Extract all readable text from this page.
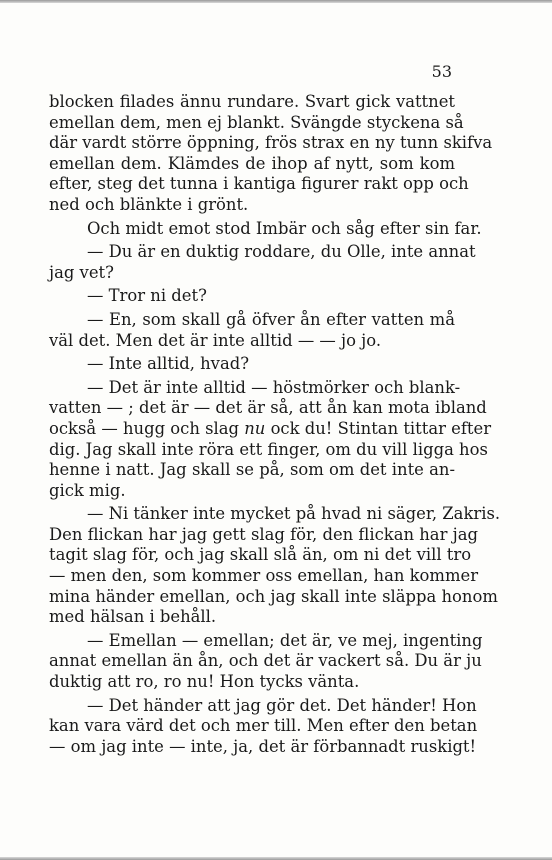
53
blocken filades ännu rundare. Svart gick vattnet
emellan dem, men ej blankt. Svängde styckena så
där vardt större öppning, frös strax en ny tunn skifva
emellan dem. Klämdes de ihop af nytt, som kom
efter, steg det tunna i kantiga figurer rakt opp och
ned och blänkte i grönt.
Och midt emot stod Imbär och såg efter sin far.
— Du är en duktig roddare, du Olle, inte annat
jag vet?
— Tror ni det?
— En, som skall gå öfver ån efter vatten må
väl det. Men det är inte alltid — — jo jo.
— Inte alltid, hvad?
— Det är inte alltid — höstmörker och blank-
vatten — ; det är — det är så, att ån kan mota ibland
också — hugg och slag nu ock du! Stintan tittar efter
dig. Jag skall inte röra ett finger, om du vill ligga hos
henne i natt. Jag skall se på, som om det inte an-
gick mig.
— Ni tänker inte mycket på hvad ni säger, Zakris.
Den flickan har jag gett slag för, den flickan har jag
tagit slag för, och jag skall slå än, om ni det vill tro
— men den, som kommer oss emellan, han kommer
mina händer emellan, och jag skall inte släppa honom
med hälsan i behåll.
— Emellan — emellan; det är, ve mej, ingenting
annat emellan än ån, och det är vackert så. Du är ju
duktig att ro, ro nu! Hon tycks vänta.
— Det händer att jag gör det. Det händer! Hon
kan vara värd det och mer till. Men efter den betan
— om jag inte — inte, ja, det är förbannadt ruskigt!
